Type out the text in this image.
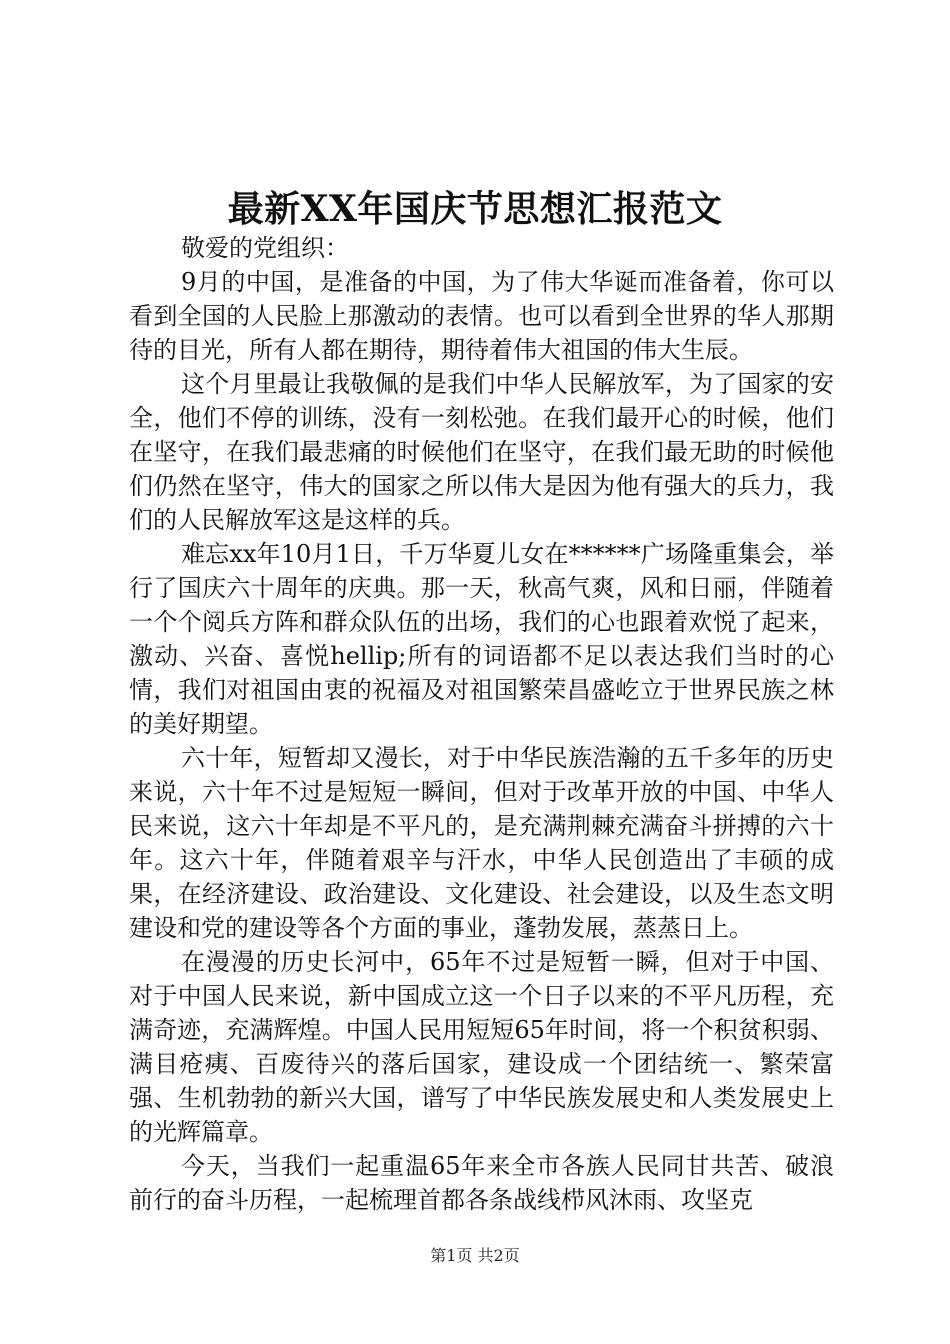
最新XX年国庆节思想汇报范文

敬爱的党组织：

9月的中国，是准备的中国，为了伟大华诞而准备着，你可以看到全国的人民脸上那激动的表情。也可以看到全世界的华人那期待的目光，所有人都在期待，期待着伟大祖国的伟大生辰。

这个月里最让我敬佩的是我们中华人民解放军，为了国家的安全，他们不停的训练，没有一刻松弛。在我们最开心的时候，他们在坚守，在我们最悲痛的时候他们在坚守，在我们最无助的时候他们仍然在坚守，伟大的国家之所以伟大是因为他有强大的兵力，我们的人民解放军这是这样的兵。

难忘xx年10月1日，千万华夏儿女在******广场隆重集会，举行了国庆六十周年的庆典。那一天，秋高气爽，风和日丽，伴随着一个个阅兵方阵和群众队伍的出场，我们的心也跟着欢悦了起来，激动、兴奋、喜悦hellip;所有的词语都不足以表达我们当时的心情，我们对祖国由衷的祝福及对祖国繁荣昌盛屹立于世界民族之林的美好期望。

六十年，短暂却又漫长，对于中华民族浩瀚的五千多年的历史来说，六十年不过是短短一瞬间，但对于改革开放的中国、中华人民来说，这六十年却是不平凡的，是充满荆棘充满奋斗拼搏的六十年。这六十年，伴随着艰辛与汗水，中华人民创造出了丰硕的成果，在经济建设、政治建设、文化建设、社会建设，以及生态文明建设和党的建设等各个方面的事业，蓬勃发展，蒸蒸日上。

在漫漫的历史长河中，65年不过是短暂一瞬，但对于中国、对于中国人民来说，新中国成立这一个日子以来的不平凡历程，充满奇迹，充满辉煌。中国人民用短短65年时间，将一个积贫积弱、满目疮痍、百废待兴的落后国家，建设成一个团结统一、繁荣富强、生机勃勃的新兴大国，谱写了中华民族发展史和人类发展史上的光辉篇章。

今天，当我们一起重温65年来全市各族人民同甘共苦、破浪前行的奋斗历程，一起梳理首都各条战线栉风沐雨、攻坚克

第1页 共2页
